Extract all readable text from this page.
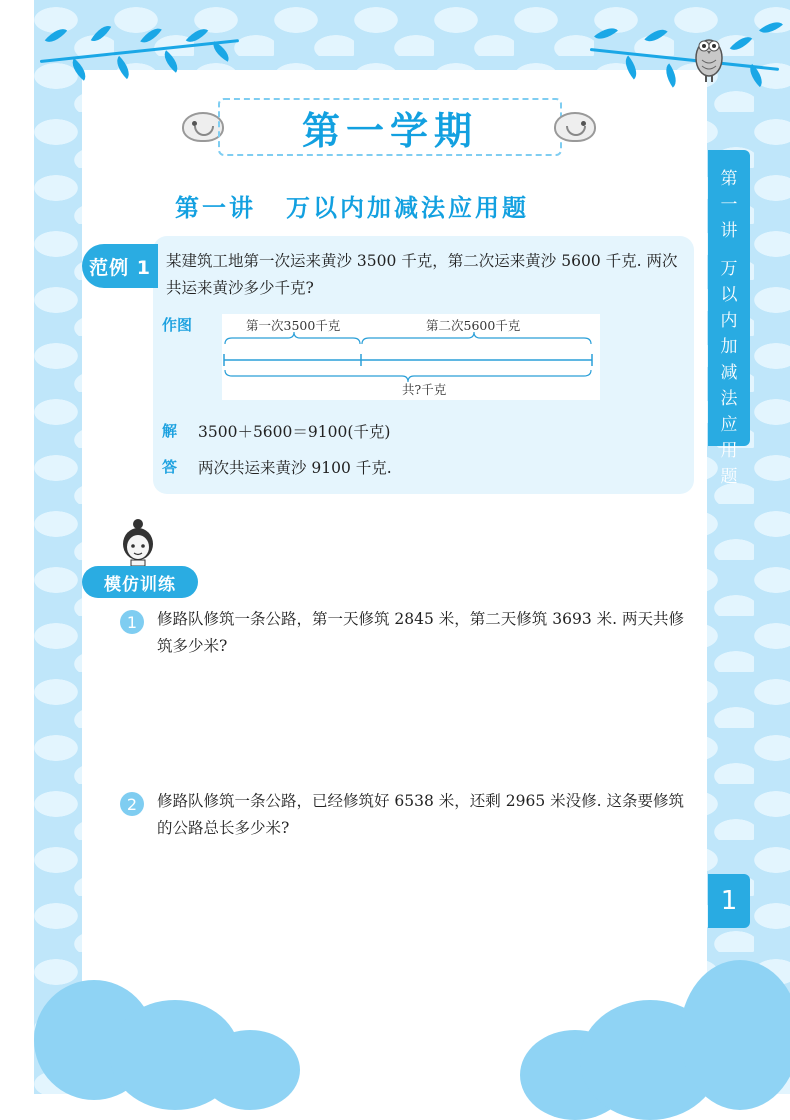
第一学期
第一讲 万以内加减法应用题
第
一
讲
万
以
内
加
减
法
应
用
题
1
范例 1 某建筑工地第一次运来黄沙 3500 千克，第二次运来黄沙 5600 千克. 两次共运来黄沙多少千克?
作图	第一次3500千克	第二次5600千克
共?千克
解 3500＋5600＝9100(千克)
答 两次共运来黄沙 9100 千克.
模仿训练
1	修路队修筑一条公路，第一天修筑 2845 米，第二天修筑 3693 米. 两天共修筑多少米?
2	修路队修筑一条公路，已经修筑好 6538 米，还剩 2965 米没修. 这条要修筑的公路总长多少米?
